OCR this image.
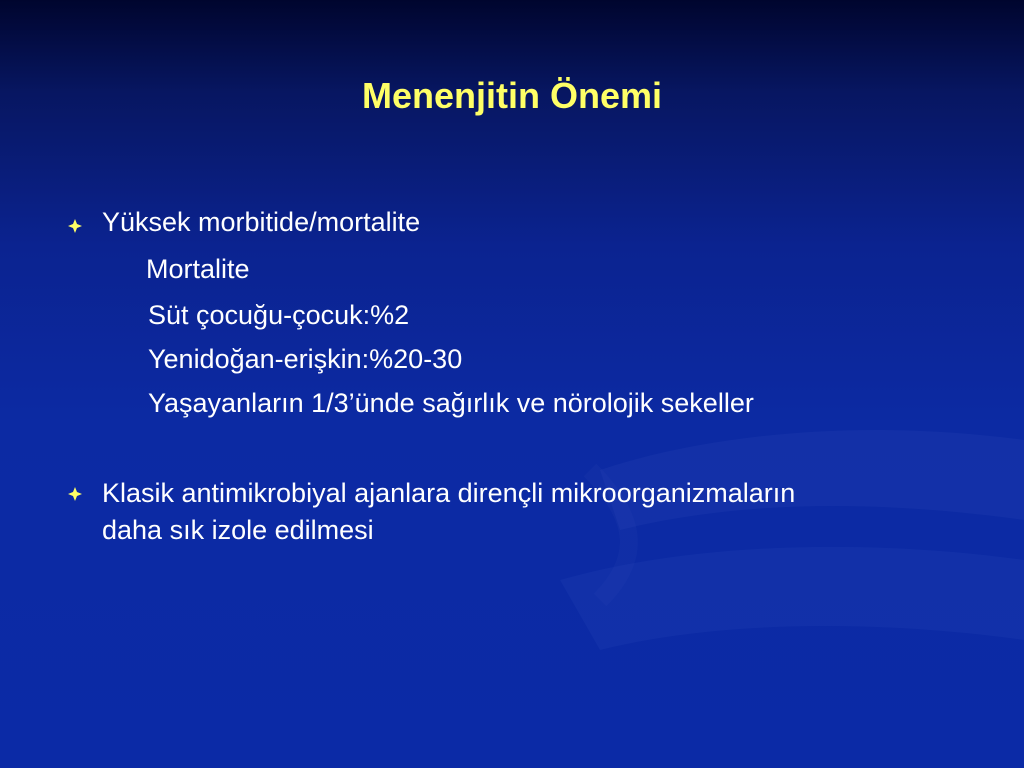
Menenjitin Önemi
Yüksek morbitide/mortalite
Mortalite
Süt çocuğu-çocuk:%2
Yenidoğan-erişkin:%20-30
Yaşayanların 1/3’ünde sağırlık ve nörolojik sekeller
Klasik antimikrobiyal ajanlara dirençli mikroorganizmaların
daha sık izole edilmesi
